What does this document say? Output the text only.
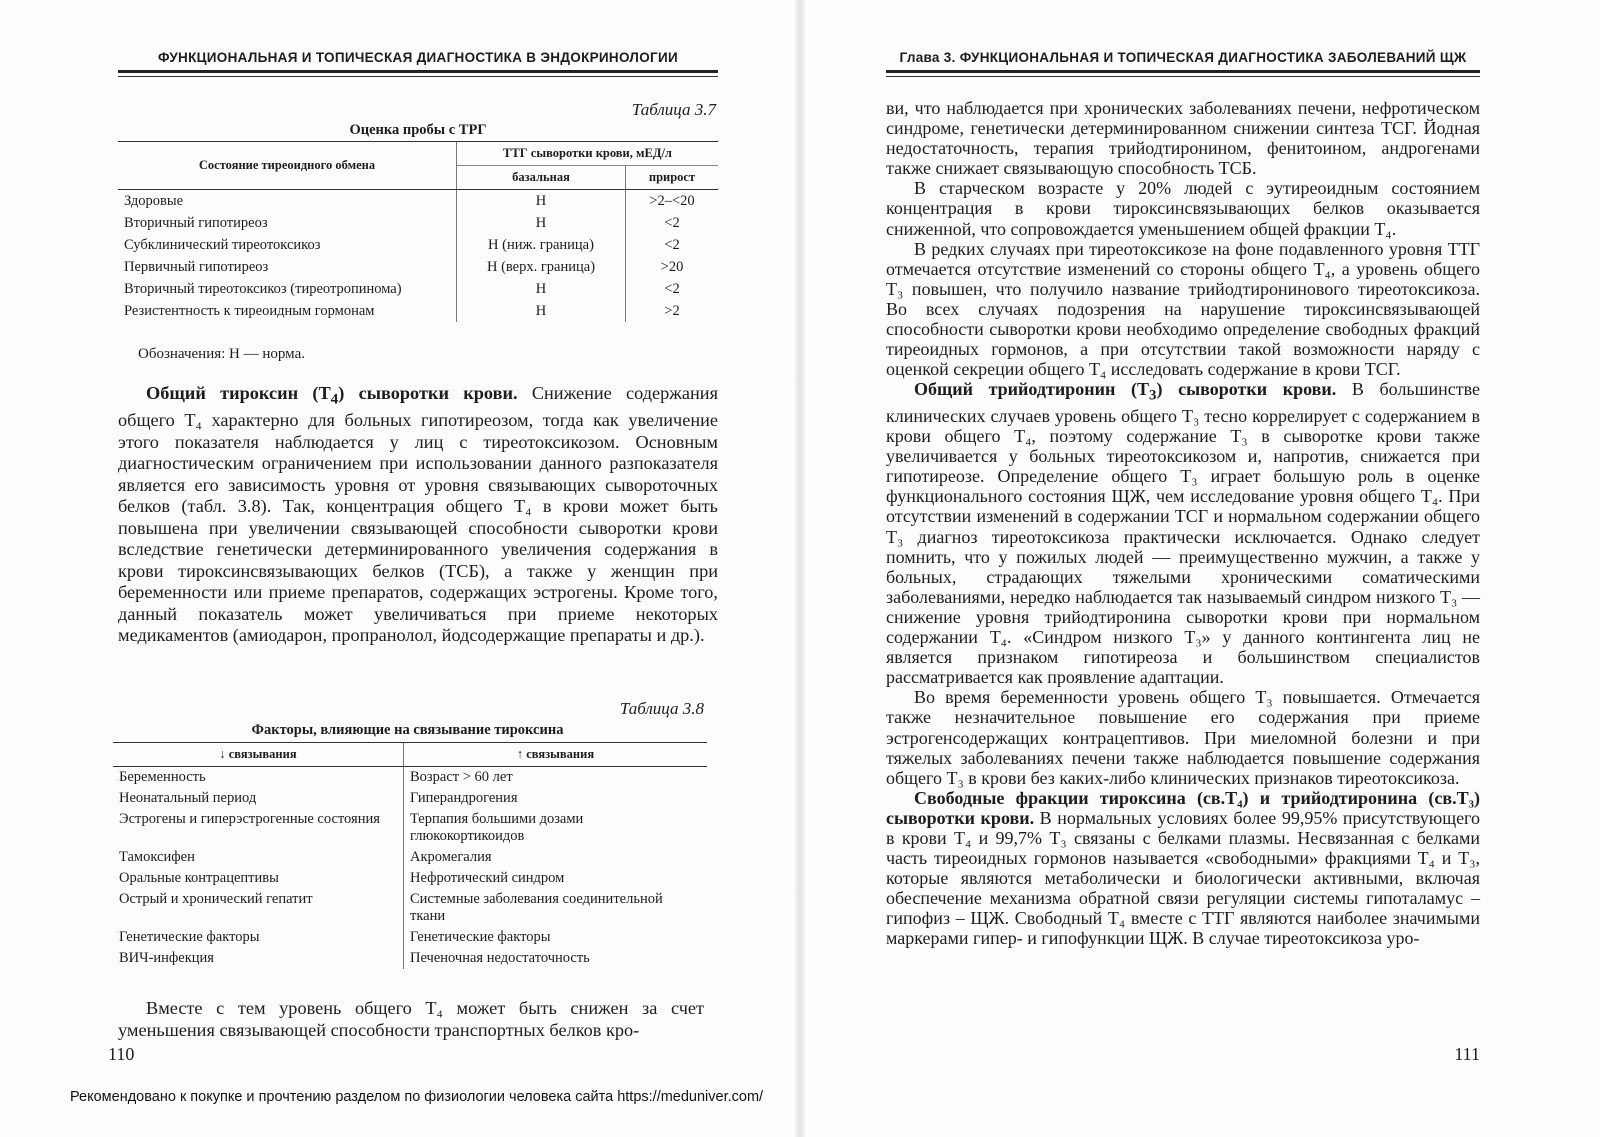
ФУНКЦИОНАЛЬНАЯ И ТОПИЧЕСКАЯ ДИАГНОСТИКА В ЭНДОКРИНОЛОГИИ
Таблица 3.7
Оценка пробы с ТРГ
Состояние тиреоидного обмена	ТТГ сыворотки крови, мЕД/л	
	базальная	прирост
Здоровые	Н	>2–<20
Вторичный гипотиреоз	Н	<2
Субклинический тиреотоксикоз	Н (ниж. граница)	<2
Первичный гипотиреоз	Н (верх. граница)	>20
Вторичный тиреотоксикоз (тиреотропинома)	Н	<2
Резистентность к тиреоидным гормонам	Н	>2
Обозначения: Н — норма.

Общий тироксин $(Т_4)$ сыворотки крови. Снижение содержания общего Т₄ характерно для больных гипотиреозом, тогда как увеличение этого показателя наблюдается у лиц с тиреотоксикозом. Основным диагностическим ограничением при использовании данного разпоказателя является его зависимость уровня от уровня связывающих сывороточных белков (табл. 3.8). Так, концентрация общего Т₄ в крови может быть повышена при увеличении связывающей способности сыворотки крови вследствие генетически детерминированного увеличения содержания в крови тироксинсвязывающих белков (ТСБ), а также у женщин при беременности или приеме препаратов, содержащих эстрогены. Кроме того, данный показатель может увеличиваться при приеме некоторых медикаментов (амиодарон, пропранолол, йодсодержащие препараты и др.).

Таблица 3.8
Факторы, влияющие на связывание тироксина
↓ связывания	↑ связывания
Беременность	Возраст > 60 лет
Неонатальный период	Гиперандрогения
Эстрогены и гиперэстрогенные состояния	Терпапия большими дозами глюкокортикоидов
Тамоксифен	Акромегалия
Оральные контрацептивы	Нефротический синдром
Острый и хронический гепатит	Системные заболевания соединительной ткани
Генетические факторы	Генетические факторы
ВИЧ-инфекция	Печеночная недостаточность

Вместе с тем уровень общего Т₄ может быть снижен за счет уменьшения связывающей способности транспортных белков кро-

110
Глава 3. ФУНКЦИОНАЛЬНАЯ И ТОПИЧЕСКАЯ ДИАГНОСТИКА ЗАБОЛЕВАНИЙ ЩЖ

ви, что наблюдается при хронических заболеваниях печени, нефротическом синдроме, генетически детерминированном снижении синтеза ТСГ. Йодная недостаточность, терапия трийодтиронином, фенитоином, андрогенами также снижает связывающую способность ТСБ.

В старческом возрасте у 20% людей с эутиреоидным состоянием концентрация в крови тироксинсвязывающих белков оказывается сниженной, что сопровождается уменьшением общей фракции Т₄.

В редких случаях при тиреотоксикозе на фоне подавленного уровня ТТГ отмечается отсутствие изменений со стороны общего Т₄, а уровень общего Т₃ повышен, что получило название трийодтиронинового тиреотоксикоза. Во всех случаях подозрения на нарушение тироксинсвязывающей способности сыворотки крови необходимо определение свободных фракций тиреоидных гормонов, а при отсутствии такой возможности наряду с оценкой секреции общего Т₄ исследовать содержание в крови ТСГ.

Общий трийодтиронин $(Т_3)$ сыворотки крови. В большинстве клинических случаев уровень общего Т₃ тесно коррелирует с содержанием в крови общего Т₄, поэтому содержание Т₃ в сыворотке крови также увеличивается у больных тиреотоксикозом и, напротив, снижается при гипотиреозе. Определение общего Т₃ играет большую роль в оценке функционального состояния ЩЖ, чем исследование уровня общего Т₄. При отсутствии изменений в содержании ТСГ и нормальном содержании общего Т₃ диагноз тиреотоксикоза практически исключается. Однако следует помнить, что у пожилых людей — преимущественно мужчин, а также у больных, страдающих тяжелыми хроническими соматическими заболеваниями, нередко наблюдается так называемый синдром низкого Т₃ — снижение уровня трийодтиронина сыворотки крови при нормальном содержании Т₄. «Синдром низкого Т₃» у данного контингента лиц не является признаком гипотиреоза и большинством специалистов рассматривается как проявление адаптации.

Во время беременности уровень общего Т₃ повышается. Отмечается также незначительное повышение его содержания при приеме эстрогенсодержащих контрацептивов. При миеломной болезни и при тяжелых заболеваниях печени также наблюдается повышение содержания общего Т₃ в крови без каких-либо клинических признаков тиреотоксикоза.

Свободные фракции тироксина (св.Т₄) и трийодтиронина (св.Т₃) сыворотки крови. В нормальных условиях более 99,95% присутствующего в крови Т₄ и 99,7% Т₃ связаны с белками плазмы. Несвязанная с белками часть тиреоидных гормонов называется «свободными» фракциями Т₄ и Т₃, которые являются метаболически и биологически активными, включая обеспечение механизма обратной связи регуляции системы гипоталамус – гипофиз – ЩЖ. Свободный Т₄ вместе с ТТГ являются наиболее значимыми маркерами гипер- и гипофункции ЩЖ. В случае тиреотоксикоза уро-

111
Рекомендовано к покупке и прочтению разделом по физиологии человека сайта https://meduniver.com/
